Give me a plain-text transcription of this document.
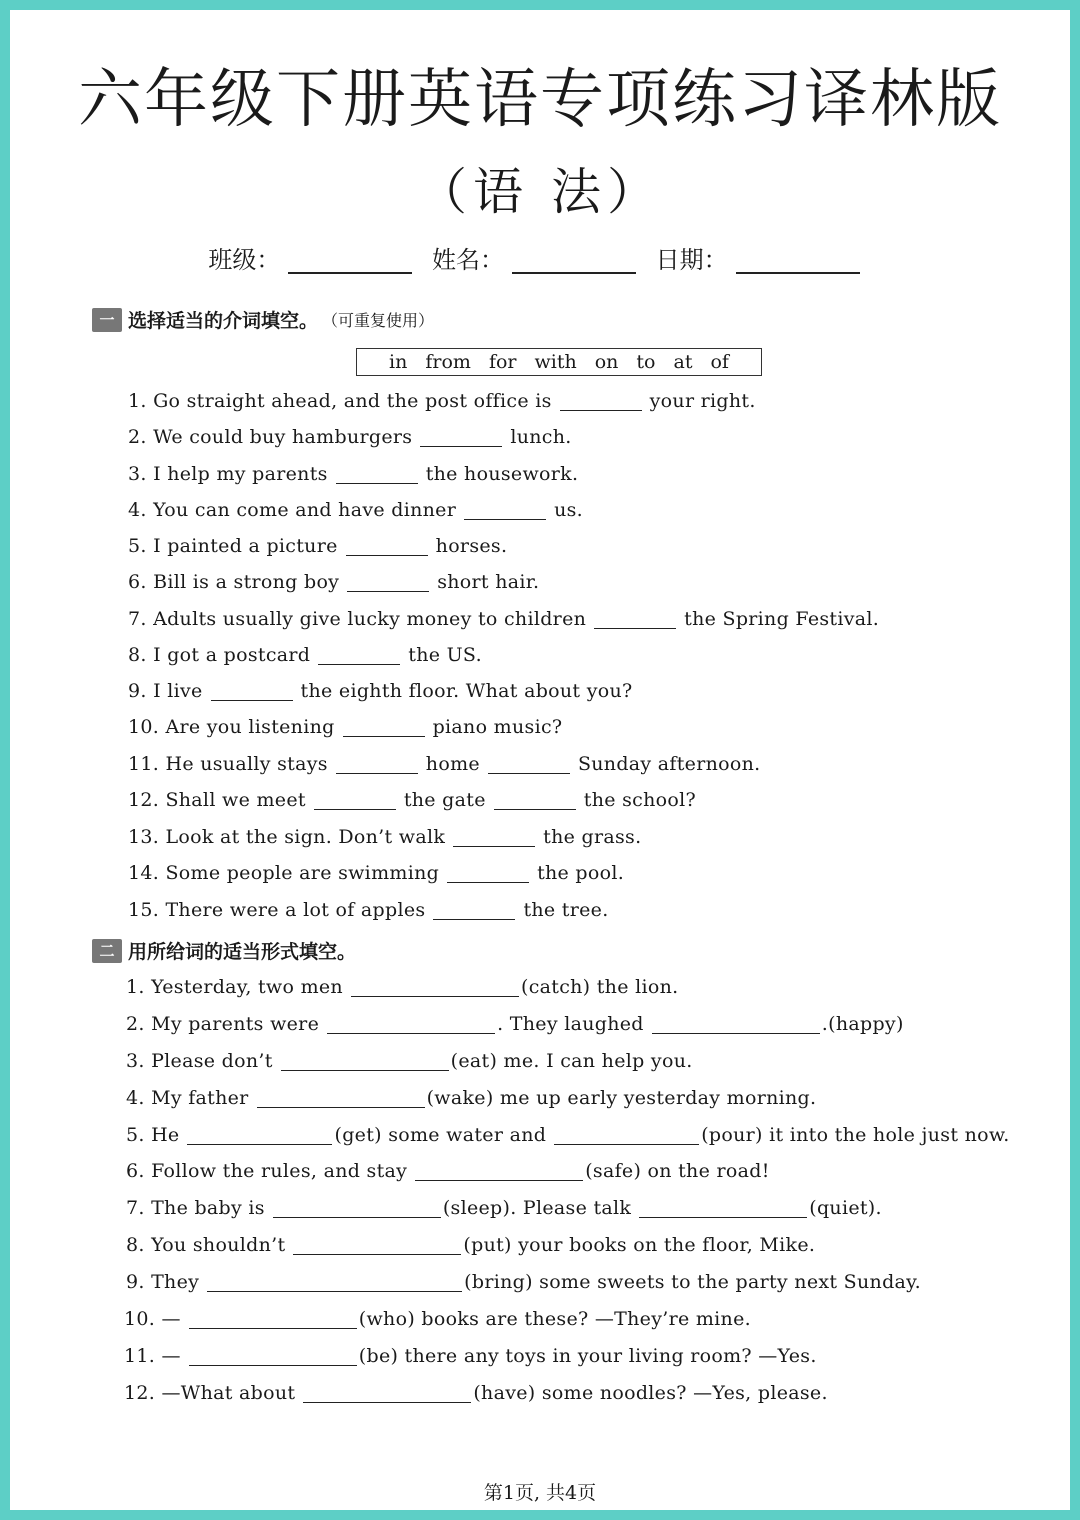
六年级下册英语专项练习译林版
（语 法）
班级：	姓名：	日期：
一 选择适当的介词填空。 （可重复使用）
in from for with on to at of
1. Go straight ahead, and the post office is	your right.
2. We could buy hamburgers	lunch.
3. I help my parents	the housework.
4. You can come and have dinner	us.
5. I painted a picture	horses.
6. Bill is a strong boy	short hair.
7. Adults usually give lucky money to children	the Spring Festival.
8. I got a postcard	the US.
9. I live	the eighth floor. What about you?
10. Are you listening	piano music?
11. He usually stays	home	Sunday afternoon.
12. Shall we meet	the gate	the school?
13. Look at the sign. Don’t walk	the grass.
14. Some people are swimming	the pool.
15. There were a lot of apples	the tree.
二 用所给词的适当形式填空。
1. Yesterday, two men	(catch) the lion.
2. My parents were	. They laughed	.(happy)
3. Please don’t	(eat) me. I can help you.
4. My father	(wake) me up early yesterday morning.
5. He	(get) some water and	(pour) it into the hole just now.
6. Follow the rules, and stay	(safe) on the road!
7. The baby is	(sleep). Please talk	(quiet).
8. You shouldn’t	(put) your books on the floor, Mike.
9. They	(bring) some sweets to the party next Sunday.
10. —	(who) books are these? —They’re mine.
11. —	(be) there any toys in your living room? —Yes.
12. —What about	(have) some noodles? —Yes, please.
第1页, 共4页
